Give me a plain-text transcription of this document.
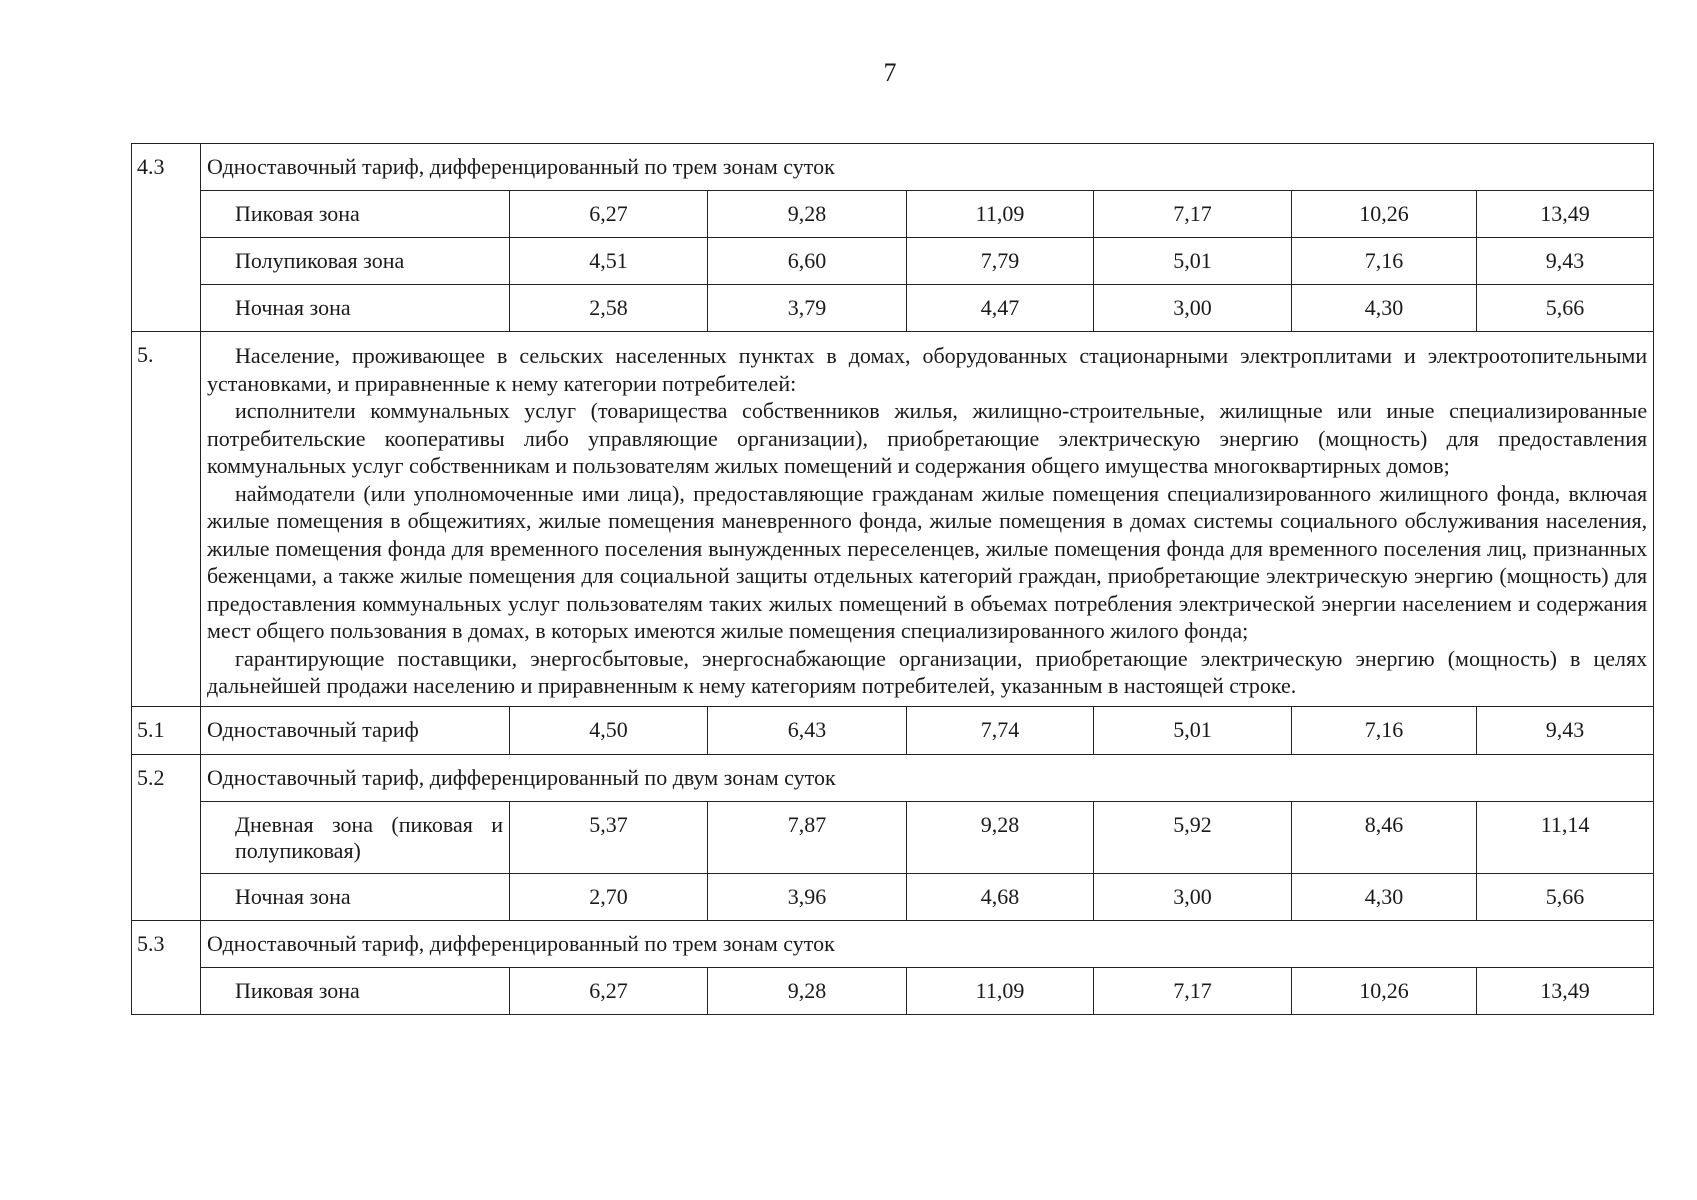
7
4.3	Одноставочный тариф, дифференцированный по трем зонам суток						
	Пиковая зона	6,27	9,28	11,09	7,17	10,26	13,49
	Полупиковая зона	4,51	6,60	7,79	5,01	7,16	9,43
	Ночная зона	2,58	3,79	4,47	3,00	4,30	5,66
5.	Население, проживающее в сельских населенных пунктах в домах, оборудованных стационарными электроплитами и электроотопительными установками, и приравненные к нему категории потребителей:

исполнители коммунальных услуг (товарищества собственников жилья, жилищно-строительные, жилищные или иные специализированные потребительские кооперативы либо управляющие организации), приобретающие электрическую энергию (мощность) для предоставления коммунальных услуг собственникам и пользователям жилых помещений и содержания общего имущества многоквартирных домов;

наймодатели (или уполномоченные ими лица), предоставляющие гражданам жилые помещения специализированного жилищного фонда, включая жилые помещения в общежитиях, жилые помещения маневренного фонда, жилые помещения в домах системы социального обслуживания населения, жилые помещения фонда для временного поселения вынужденных переселенцев, жилые помещения фонда для временного поселения лиц, признанных беженцами, а также жилые помещения для социальной защиты отдельных категорий граждан, приобретающие электрическую энергию (мощность) для предоставления коммунальных услуг пользователям таких жилых помещений в объемах потребления электрической энергии населением и содержания мест общего пользования в домах, в которых имеются жилые помещения специализированного жилого фонда;

гарантирующие поставщики, энергосбытовые, энергоснабжающие организации, приобретающие электрическую энергию (мощность) в целях дальнейшей продажи населению и приравненным к нему категориям потребителей, указанным в настоящей строке.						

5.1	Одноставочный тариф	4,50	6,43	7,74	5,01	7,16	9,43
5.2	Одноставочный тариф, дифференцированный по двум зонам суток						
	Дневная зона (пиковая и полупиковая)	5,37	7,87	9,28	5,92	8,46	11,14
	Ночная зона	2,70	3,96	4,68	3,00	4,30	5,66
5.3	Одноставочный тариф, дифференцированный по трем зонам суток						
	Пиковая зона	6,27	9,28	11,09	7,17	10,26	13,49
